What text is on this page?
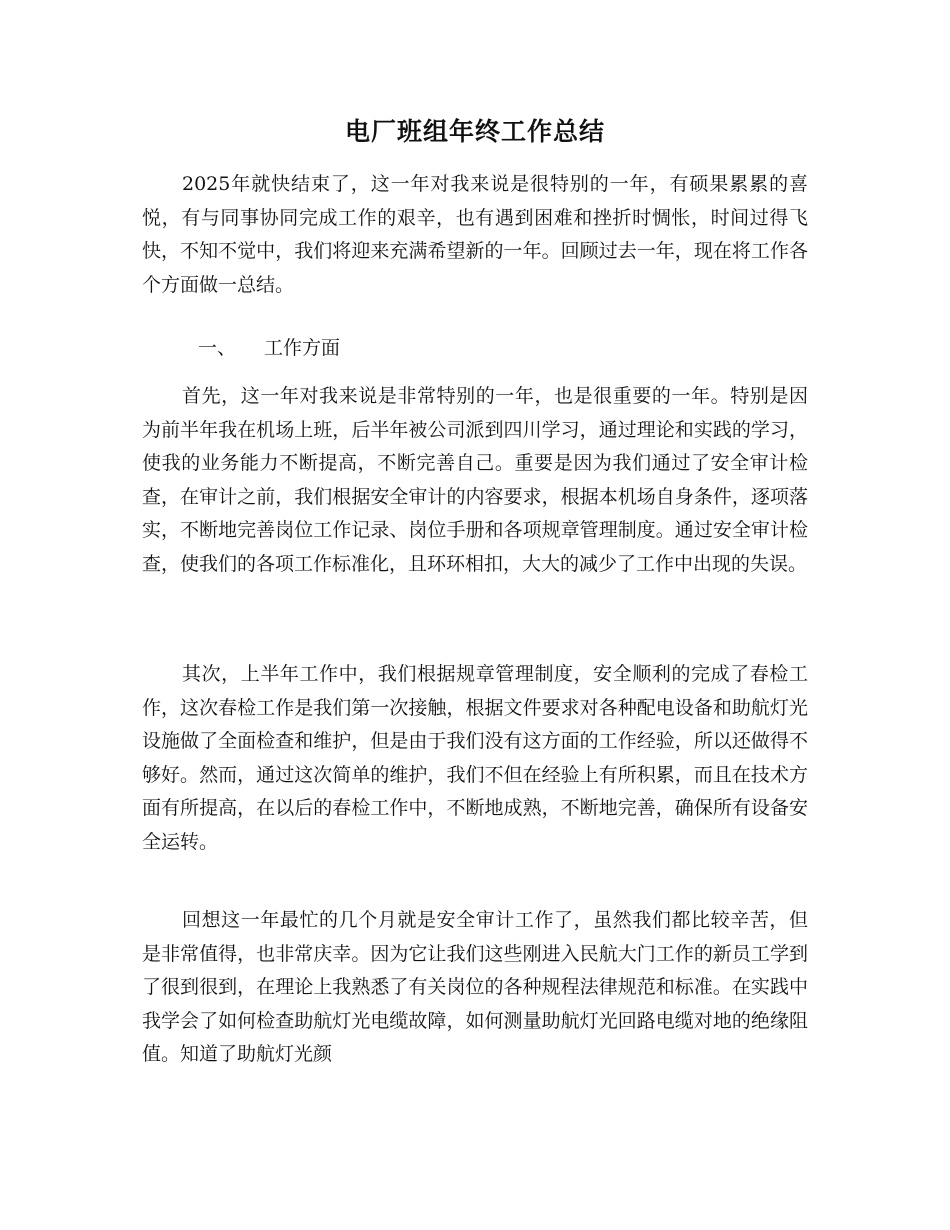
电厂班组年终工作总结

2025年就快结束了，这一年对我来说是很特别的一年，有硕果累累的喜悦，有与同事协同完成工作的艰辛，也有遇到困难和挫折时惆怅，时间过得飞快，不知不觉中，我们将迎来充满希望新的一年。回顾过去一年，现在将工作各个方面做一总结。

一、 工作方面

首先，这一年对我来说是非常特别的一年，也是很重要的一年。特别是因为前半年我在机场上班，后半年被公司派到四川学习，通过理论和实践的学习，使我的业务能力不断提高，不断完善自己。重要是因为我们通过了安全审计检查，在审计之前，我们根据安全审计的内容要求，根据本机场自身条件，逐项落实，不断地完善岗位工作记录、岗位手册和各项规章管理制度。通过安全审计检查，使我们的各项工作标准化，且环环相扣，大大的减少了工作中出现的失误。

其次，上半年工作中，我们根据规章管理制度，安全顺利的完成了春检工作，这次春检工作是我们第一次接触，根据文件要求对各种配电设备和助航灯光设施做了全面检查和维护，但是由于我们没有这方面的工作经验，所以还做得不够好。然而，通过这次简单的维护，我们不但在经验上有所积累，而且在技术方面有所提高，在以后的春检工作中，不断地成熟，不断地完善，确保所有设备安全运转。

回想这一年最忙的几个月就是安全审计工作了，虽然我们都比较辛苦，但是非常值得，也非常庆幸。因为它让我们这些刚进入民航大门工作的新员工学到了很到很到，在理论上我熟悉了有关岗位的各种规程法律规范和标准。在实践中我学会了如何检查助航灯光电缆故障，如何测量助航灯光回路电缆对地的绝缘阻值。知道了助航灯光颜
